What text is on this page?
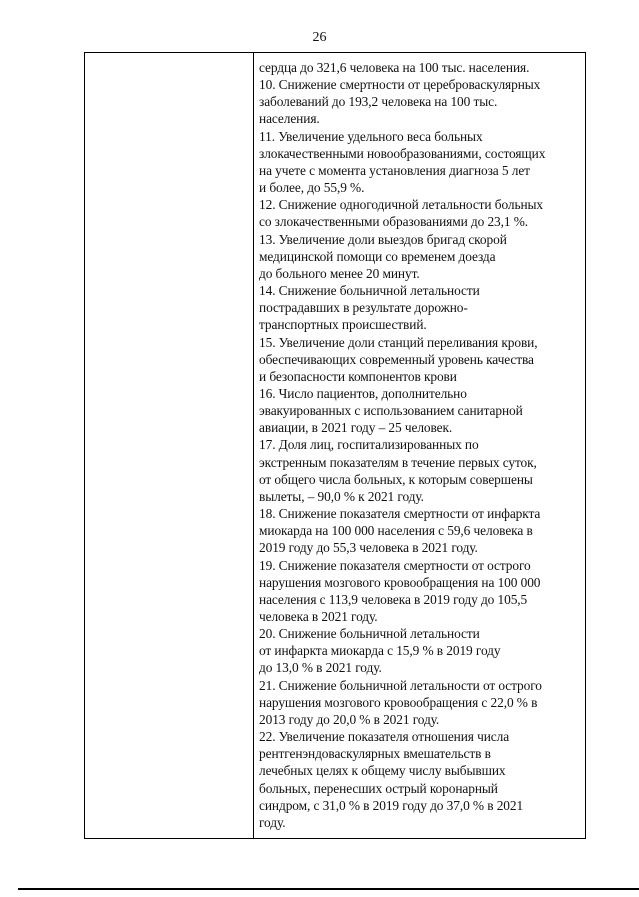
26
сердца до 321,6 человека на 100 тыс. населения.
10. Снижение смертности от цереброваскулярных
заболеваний до 193,2 человека на 100 тыс.
населения.
11. Увеличение удельного веса больных
злокачественными новообразованиями, состоящих
на учете с момента установления диагноза 5 лет
и более, до 55,9 %.
12. Снижение одногодичной летальности больных
со злокачественными образованиями до 23,1 %.
13. Увеличение доли выездов бригад скорой
медицинской помощи со временем доезда
до больного менее 20 минут.
14. Снижение больничной летальности
пострадавших в результате дорожно-
транспортных происшествий.
15. Увеличение доли станций переливания крови,
обеспечивающих современный уровень качества
и безопасности компонентов крови
16. Число пациентов, дополнительно
эвакуированных с использованием санитарной
авиации, в 2021 году – 25 человек.
17. Доля лиц, госпитализированных по
экстренным показателям в течение первых суток,
от общего числа больных, к которым совершены
вылеты, – 90,0 % к 2021 году.
18. Снижение показателя смертности от инфаркта
миокарда на 100 000 населения с 59,6 человека в
2019 году до 55,3 человека в 2021 году.
19. Снижение показателя смертности от острого
нарушения мозгового кровообращения на 100 000
населения с 113,9 человека в 2019 году до 105,5
человека в 2021 году.
20. Снижение больничной летальности
от инфаркта миокарда с 15,9 % в 2019 году
до 13,0 % в 2021 году.
21. Снижение больничной летальности от острого
нарушения мозгового кровообращения с 22,0 % в
2013 году до 20,0 % в 2021 году.
22. Увеличение показателя отношения числа
рентгенэндоваскулярных вмешательств в
лечебных целях к общему числу выбывших
больных, перенесших острый коронарный
синдром, с 31,0 % в 2019 году до 37,0 % в 2021
году.
